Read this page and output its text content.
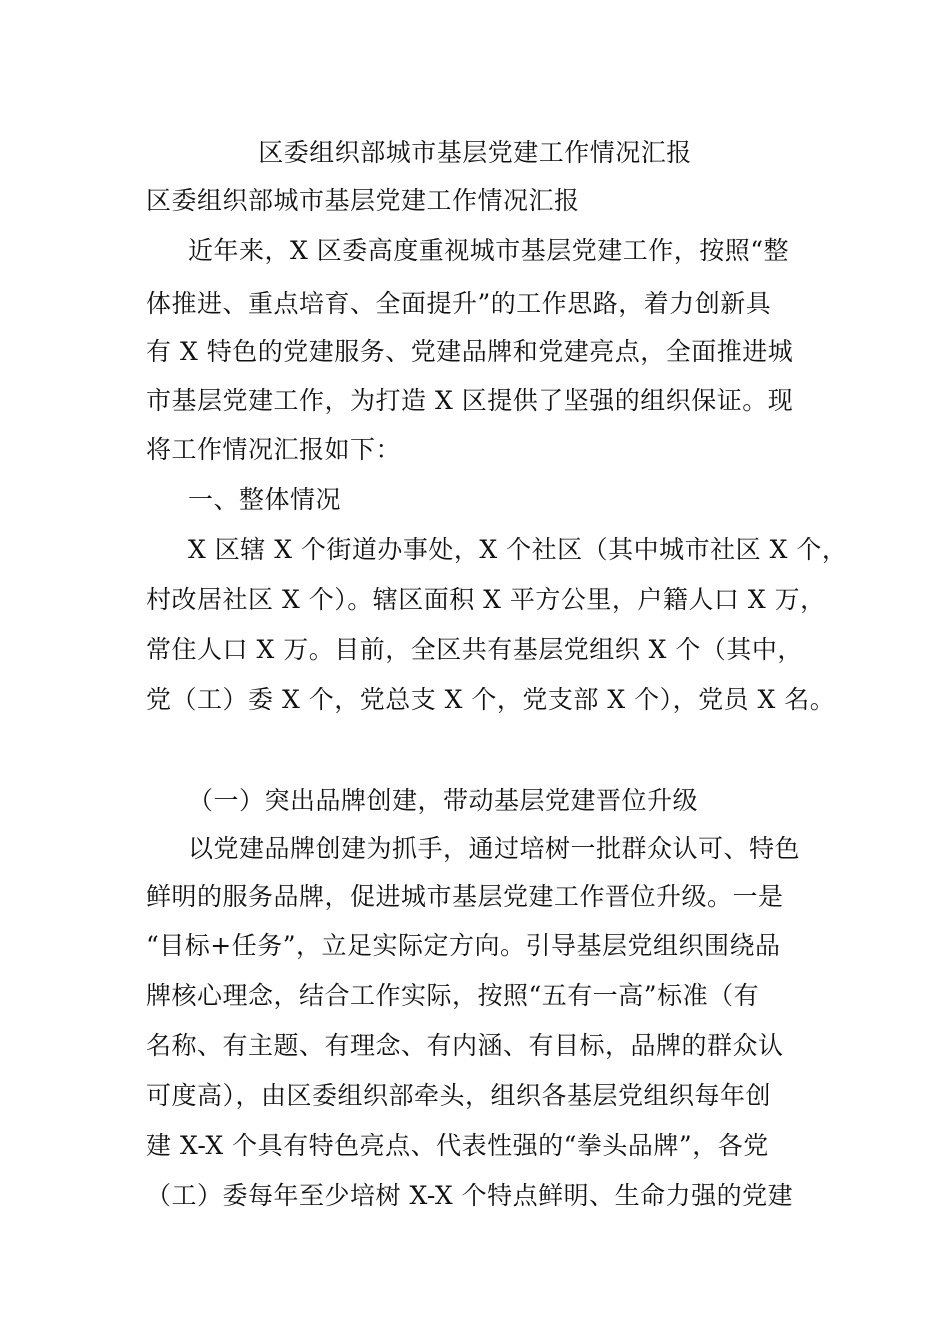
区委组织部城市基层党建工作情况汇报
区委组织部城市基层党建工作情况汇报
近年来，X 区委高度重视城市基层党建工作，按照“整
体推进、重点培育、全面提升”的工作思路，着力创新具
有 X 特色的党建服务、党建品牌和党建亮点，全面推进城
市基层党建工作，为打造 X 区提供了坚强的组织保证。现
将工作情况汇报如下：
一、整体情况
X 区辖 X 个街道办事处，X 个社区（其中城市社区 X 个，
村改居社区 X 个）。辖区面积 X 平方公里，户籍人口 X 万，
常住人口 X 万。目前，全区共有基层党组织 X 个（其中，
党（工）委 X 个，党总支 X 个，党支部 X 个），党员 X 名。
（一）突出品牌创建，带动基层党建晋位升级
以党建品牌创建为抓手，通过培树一批群众认可、特色
鲜明的服务品牌，促进城市基层党建工作晋位升级。一是
“目标+任务”，立足实际定方向。引导基层党组织围绕品
牌核心理念，结合工作实际，按照“五有一高”标准（有
名称、有主题、有理念、有内涵、有目标，品牌的群众认
可度高），由区委组织部牵头，组织各基层党组织每年创
建 X-X 个具有特色亮点、代表性强的“拳头品牌”，各党
（工）委每年至少培树 X-X 个特点鲜明、生命力强的党建
